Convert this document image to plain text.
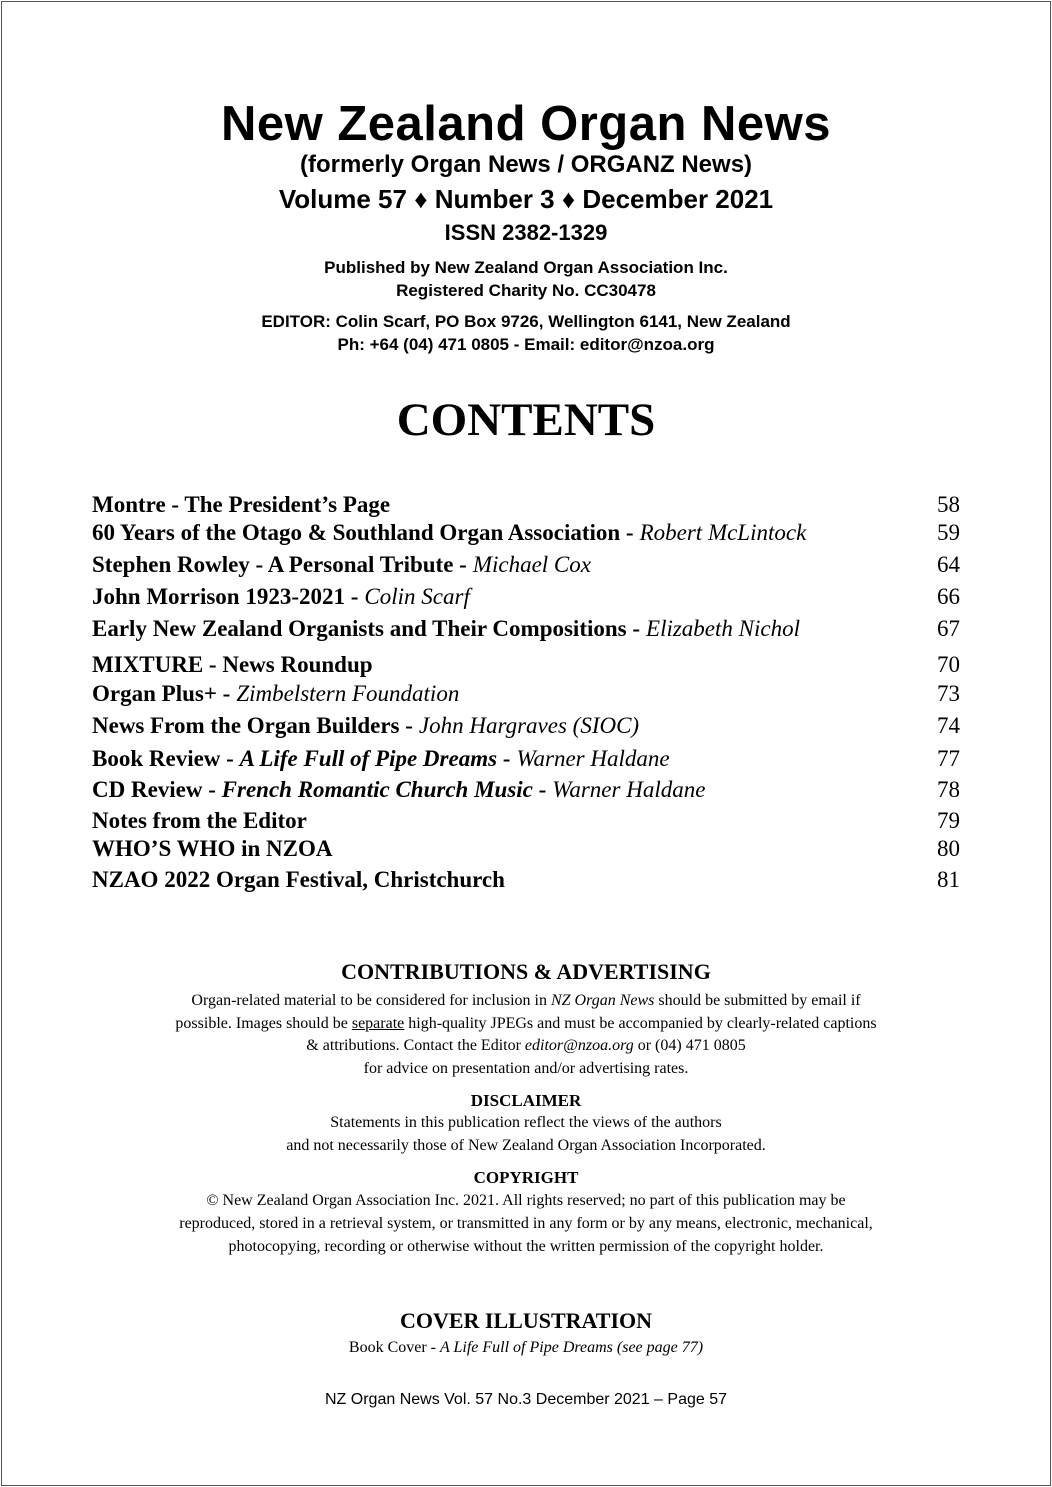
New Zealand Organ News
(formerly Organ News / ORGANZ News)
Volume 57 ♦ Number 3 ♦ December 2021
ISSN 2382-1329
Published by New Zealand Organ Association Inc.
Registered Charity No. CC30478
EDITOR: Colin Scarf, PO Box 9726, Wellington 6141, New Zealand
Ph: +64 (04) 471 0805 - Email: editor@nzoa.org
CONTENTS
Montre - The President’s Page	58
60 Years of the Otago & Southland Organ Association - Robert McLintock	59
Stephen Rowley - A Personal Tribute - Michael Cox	64
John Morrison 1923-2021 - Colin Scarf	66
Early New Zealand Organists and Their Compositions - Elizabeth Nichol	67
MIXTURE - News Roundup	70
Organ Plus+ - Zimbelstern Foundation	73
News From the Organ Builders - John Hargraves (SIOC)	74
Book Review - A Life Full of Pipe Dreams - Warner Haldane	77
CD Review - French Romantic Church Music - Warner Haldane	78
Notes from the Editor	79
WHO’S WHO in NZOA	80
NZAO 2022 Organ Festival, Christchurch	81
CONTRIBUTIONS & ADVERTISING
Organ-related material to be considered for inclusion in NZ Organ News should be submitted by email if
possible. Images should be separate high-quality JPEGs and must be accompanied by clearly-related captions
& attributions. Contact the Editor editor@nzoa.org or (04) 471 0805
for advice on presentation and/or advertising rates.
DISCLAIMER
Statements in this publication reflect the views of the authors
and not necessarily those of New Zealand Organ Association Incorporated.
COPYRIGHT
© New Zealand Organ Association Inc. 2021. All rights reserved; no part of this publication may be
reproduced, stored in a retrieval system, or transmitted in any form or by any means, electronic, mechanical,
photocopying, recording or otherwise without the written permission of the copyright holder.
COVER ILLUSTRATION
Book Cover - A Life Full of Pipe Dreams (see page 77)
NZ Organ News Vol. 57 No.3 December 2021 – Page 57
